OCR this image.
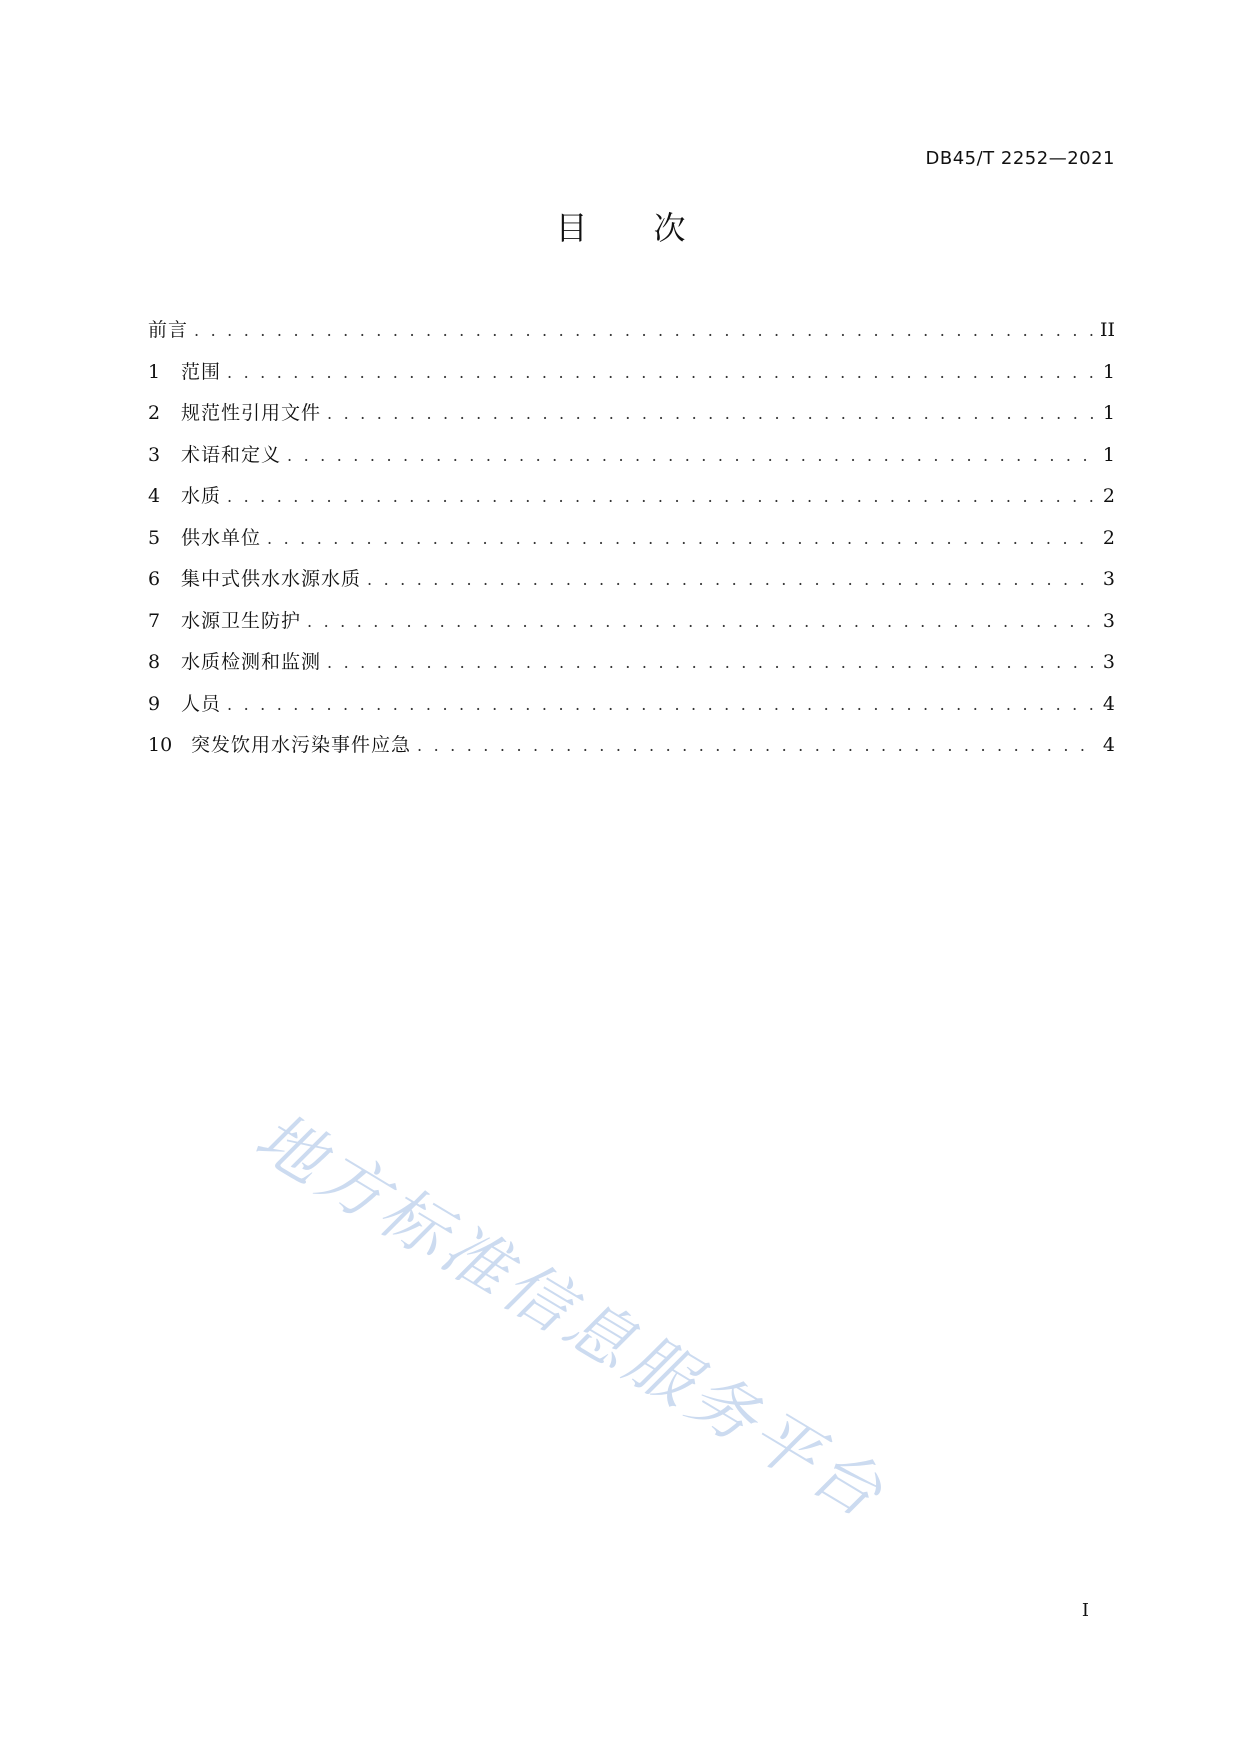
DB45/T 2252—2021
目 次
前言 . . .	II
1	范围 . . .	1
2	规范性引用文件 . . .	1
3	术语和定义 . . .	1
4	水质 . . .	2
5	供水单位 . . .	2
6	集中式供水水源水质 . . .	3
7	水源卫生防护 . . .	3
8	水质检测和监测 . . .	3
9	人员 . . .	4
10 突发饮用水污染事件应急 . . .	4
地方标准信息服务平台
I
